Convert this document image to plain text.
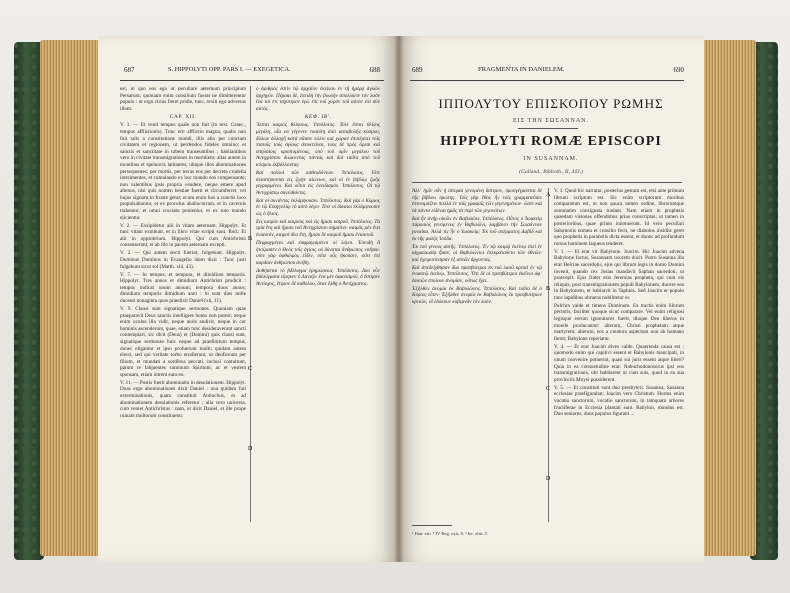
687	S. HIPPOLYTI OPP. PARS I. — EXEGETICA.	688

est, in quo eos ego ut peculiare aeternum principium Persarum; quoniam enim consilium fuerat ne dimitterentur populo : ut ergo cirius fieret pridie, tunc, rexiti ego adversus illum.

CAP. XII.

V. 1. — Et venit tempus quale non fuit (in text. Graec., tempus afflictionis). Tunc erit afflictio magna, qualis non fuit talis a constitutione mundi, illis alio per cunctam civitatem et regionem, ut perdendos fideles omnino; et sanctis et sanctitate in urbem transeuntibus ; habitantibus vero in civitate transmigrationes in meridiem; alias autem in montibus et speluncis latitantes; ubique illos abominationes persequentes; per mortis, per terras eos per decreta crudelia interimentes, et cumulando ex hoc mundo eos compensante; non valentibus ipsis propria vendere, neque emere apud alienos, nisi quis nomen bestiae fuerit et circumferret, vel hujus signum in fronte gerat; ecum enim hos a cunctis loco propulsabuntur, et ex proculus abaliocurram, et in cavernis trahentur, et omni cruciatu punientur, et ex toto mundo ejicientur.

V. 2. — Exsipidetur alii in vitam aeternam. Hippolyt. Et tunc vitam exmbunt, et in libro vitae scripti sunt. Ibid.: Et alii in opprobrium. Hippolyt. Qui cum Antichristo consenserunt, et ab illo in pacem aeternam excepti.

V. 2. — Qui autem docti fuerint, fulgebunt. Hippolyt. Dominus Dominus in Evangelio idem dicit : Tunc justi fulgebunt sicut sol (Matth. xiii, 43).

V. 7. — In tempus, et tempora, et dimidium temporis. Hippolyt. Tres annos et dimidium Antichristi prodicit : tempus indicat unum annum; tempora duos annos; dimidium temporis dimidium anni : hi sunt dies mille ducenti nonaginta quos praedixit Daniel (xii, 11).

V. 9. Clausi sunt signatique sermones. Quoniam quae praeparavit Deus sanctis intelligere homo non potest; neque enim oculus illa vidit, neque auris audivit, neque in cor hominis ascenderunt, quae, etiam tunc desideraverunt sancti contemplari, sic dicit (Deus) et (Domini) quis clausi sunt, signatique sermones huic neque ad praefinitum tempus, donec eligantur et ipso profuerunt multi; quidam autem electi, sed qui veritate torbo erudierunt, ut deoficeunt per filium, et mundati a sordibus peccati, inclusi contuitum, parum re falquentes summum Spiritum, ac et vestem sponsam, etiam intrent eam eo.

V. 11. — Postis fuerit abominatio in desolationem. Hippolyt. Duas ergo abominationes dixit Daniel : una quidem fuit exterminationis, quam constituit Antiochus, et ad abominationem desolationis referetur ; alia vero universa, cum veniet Antichristus : nam, ut dicit Daniel, et ille prope ruinam multorum constituetur.

ὁ ἀριθμὸς ἐστὶν τῷ ἀρχαῖον ἐκείνου ἐν τῇ ἡμέρᾳ ἀγκῶν ἁρχηγόν. Πέρσαι δὲ, ἐπειδὴ τὴν βουλὴν ἀπολλύειν τὸν λαὸν ἵνα τοί ἐτι ταχύτερον ἐγὼ ἐπὶ τοῦ χορὸν τοῦ αὐτὸν ἐπὶ σὺν αὐτός.

ΚΕΦ. ΙΒ'.

Ἔσται καιρὸς θλίψεως. Ἱππόλυτος. Τότε ἔσται θλῖψις μεγάλη, οἷα οὐ γέγονεν τοιαύτη ἀπὸ καταβολῆς κόσμου, ἄλλων ἀλλαχῆ κατὰ πᾶσαν πόλιν καὶ χώραν ἐπιπέμπει τοῖς πιστοῖς τοὺς ἁγίους ἀποκτεῖναι, τοὺς δὲ πρὸς ὄρεσι καὶ σπηλαίοις κρυπτομένους, ὑπὸ τοῦ ὑμῖν μεγάλου τοῦ Ἀντιχρίστου διώκοντας πάντας καὶ διὰ ταῦτα ἀπὸ τοῦ κόσμου ἐκβάλλοντας.

Καὶ πολλοὶ τῶν καθευδόντων. Ἱππόλυτος. Τότε ἀναστήσονται εἰς ζωὴν αἰώνιον, καὶ οἱ ἐν βιβλίῳ ζωῆς γεγραμμένοι. Καὶ οὗτοι εἰς ὀνειδισμὸν. Ἱππόλυτος. Οἱ τῷ Ἀντιχρίστῳ συνελθόντες.

Καὶ οἱ συνιέντες ἐκλάμψουσιν. Ἱππόλυτος. Καὶ γὰρ ὁ Κύριος ἐν τῷ Εὐαγγελίῳ τὸ αὐτὸ λέγει· Τότε οἱ δίκαιοι ἐκλάμψουσιν ὡς ὁ ἥλιος.

Εἰς καιρὸν καὶ καιροὺς καὶ εἰς ἥμισυ καιροῦ. Ἱππόλυτος. Τὰ τρία ἔτη καὶ ἥμισυ τοῦ Ἀντιχρίστου σημαίνει· καιρὸς μὲν ἕνα ἐνιαυτὸν, καιροὶ δύο ἔτη, ἥμισυ δὲ καιροῦ ἥμισυ ἐνιαυτοῦ.

Πεφραγμένοι καὶ ἐσφραγισμένοι οἱ λόγοι. Ἐπειδὴ ἃ ἡτοίμασεν ὁ Θεὸς τοῖς ἁγίοις οὐ δύναται ἄνθρωπος νοῆσαι· οὔτε γὰρ ὀφθαλμὸς εἶδεν, οὔτε οὖς ἤκουσεν, οὔτε ἐπὶ καρδίαν ἀνθρώπου ἀνέβη.

Δοθήσεται τὸ βδέλυγμα ἐρημώσεως. Ἱππόλυτος. Δύο οὖν βδελύγματα εἴρηκεν ὁ Δανιήλ· ἕνα μὲν ἀφανισμοῦ, ὃ ἔστησεν Ἀντίοχος, ἕτερον δὲ καθόλου, ὅταν ἔλθῃ ὁ Ἀντίχριστος.

B
C
D
689	FRAGMENTA IN DANIELEM.	690
ΙΠΠΟΛΥΤΟΥ ΕΠΙΣΚΟΠΟΥ ΡΩΜΗΣ
ΕΙΣ ΤΗΝ ΣΩΣΑΝΝΑΝ.
HIPPOLYTI ROMÆ EPISCOPI
IN SUSANNAM.
(Galland., Biblioth., II, 443.)

Ἀλλ᾽ ἡμῖν οὖν ἡ ἱστορία γενομένη ὕστερον, προσγέγραπται δὲ τῆς βίβλου πρώτης. Τοῖς γὰρ ἔθος ἦν τοῖς γραμματεῦσιν ἐπονομάζειν πολλὰ ἐν ταῖς γραφαῖς τῶν γεγενημένων· ὥστε καὶ τὰ πάντα εἰδέναι ἡμᾶς τὰ περὶ τῶν γεγονότων.

Καὶ ἦν ἀνὴρ οἰκῶν ἐν Βαβυλῶνι. Ἱππόλυτος. Οὗτος ὁ Ἰωακεὶμ πάροικος γενόμενος ἐν Βαβυλῶνι, λαμβάνει τὴν Σωσάνναν γυναῖκα. Ἀλλὰ τίς ἦν ὁ Ἰωακεὶμ; Ἐκ τοῦ σπέρματος Δαβὶδ καὶ ἐκ τῆς φυλῆς Ἰούδα.

Ἐκ τοῦ γένους αὐτῆς. Ἱππόλυτος. Ἐν τῷ καιρῷ ἐκείνῳ ἐπεὶ ἐν αἰχμαλωσίᾳ ἦσαν, οἱ Βαβυλώνιοι ἐπεκρατοῦντο τῶν ἐθνῶν· καὶ ἐχειροτόνησαν ἐξ αὐτῶν ἄρχοντας.

Καὶ ἀπεδείχθησαν δύο πρεσβύτεροι ἐκ τοῦ λαοῦ κριταὶ ἐν τῷ ἐνιαυτῷ ἐκείνῳ. Ἱππόλυτος. Ὅτι δὲ οἱ πρεσβύτεροι ἐκεῖνοι ἀφ᾽ ἑαυτῶν ἐποίουν ἀνομίαν, οὕτως ἔχει.

Ἐξῆλθεν ἀνομία ἐκ Βαβυλῶνος. Ἱππόλυτος. Καὶ τοῦτο δὲ ὁ Κύριος εἶπεν· Ἐξῆλθεν ἀνομία ἐκ Βαβυλῶνος ἐκ πρεσβυτέρων κριτῶν, οἳ ἐδόκουν κυβερνᾶν τὸν λαόν.

V. 1. Quod hic narratur, posterius gestum est, etsi ante primum librum scriptum est. Sic enim scriptorum moribus comparatum est, ut non pauca tamen ordine, librorumque summatim consignata tradant. Nam etiam in prophetis quaedam visiones offendimus prius conscriptas; ut tamen in posterioribus, quae primo innotuerunt. Id vero peculiari Salomonis nomen et consilio fecit, ne diabolus insidiis geret quo prophetis in parabolis dicta essent, et donec ad profundum rursus hominem laqueus tenderet.

V. 1. — Et erat vir Babylone. Joacim. Hic Joacim advena Babylone factus, Susannam uxorem ducit. Porro Susanna illa erat Helciae sacerdotis, ejus qui librum legis in domo Domini invenit, quando rex Josias mandavit Saphan sacerdoti, ut praecepit. Ejus frater erat Jeremias propheta, qui cum eis reliquis, post transmigrationem populi Babylonem, ducere eos in Babylonem, et habitavit in Taphnis. Sed Joacim et populo tunc lapidibus obruens nobilitetur et.

Pulchra valde et timens Dominum. Ea tractis enim illorum pectoris, faciliter quoque sicut comparare. Vel enim religiosi legisque eorum ignoratores fuerit, diuque Deo liberos in monde producantur: alterum, Christi prophetam atque martyrem; alterum, eos a creatura aspectum non ab humano fieret; Babylone reperiatur.

V. 4. — Et erat Joacim dives valde. Quaerenda causa est : quomodo enim qui capitivi essent et Babylonis mancipati, in unum convenire potuerint, quasi sui juris essent atque liberi? Quia in ea consuetudine erat: Nabuchodonosorus ipsi eos transmigrationis, ubi habitarent ut cum suis, quod in ea sua provinciis Moysi possiderent.

V. 5. — Et constituti sunt duo presbyteri. Susanna, Susanna ecclesiae praefigurabat; Joacim vero Christum. Hortus enim vocatio sanctorum, vocatio sanctorum, hi tamquam arbores fructiferae in Ecclesia plantati sunt. Babylon, mundus est. Duo seniores, duos populos figurant ...

A
B
C
D
¹ Dan. xiii. ² IV Reg. xxii, 8. ³ Jer. xliii, 5.
